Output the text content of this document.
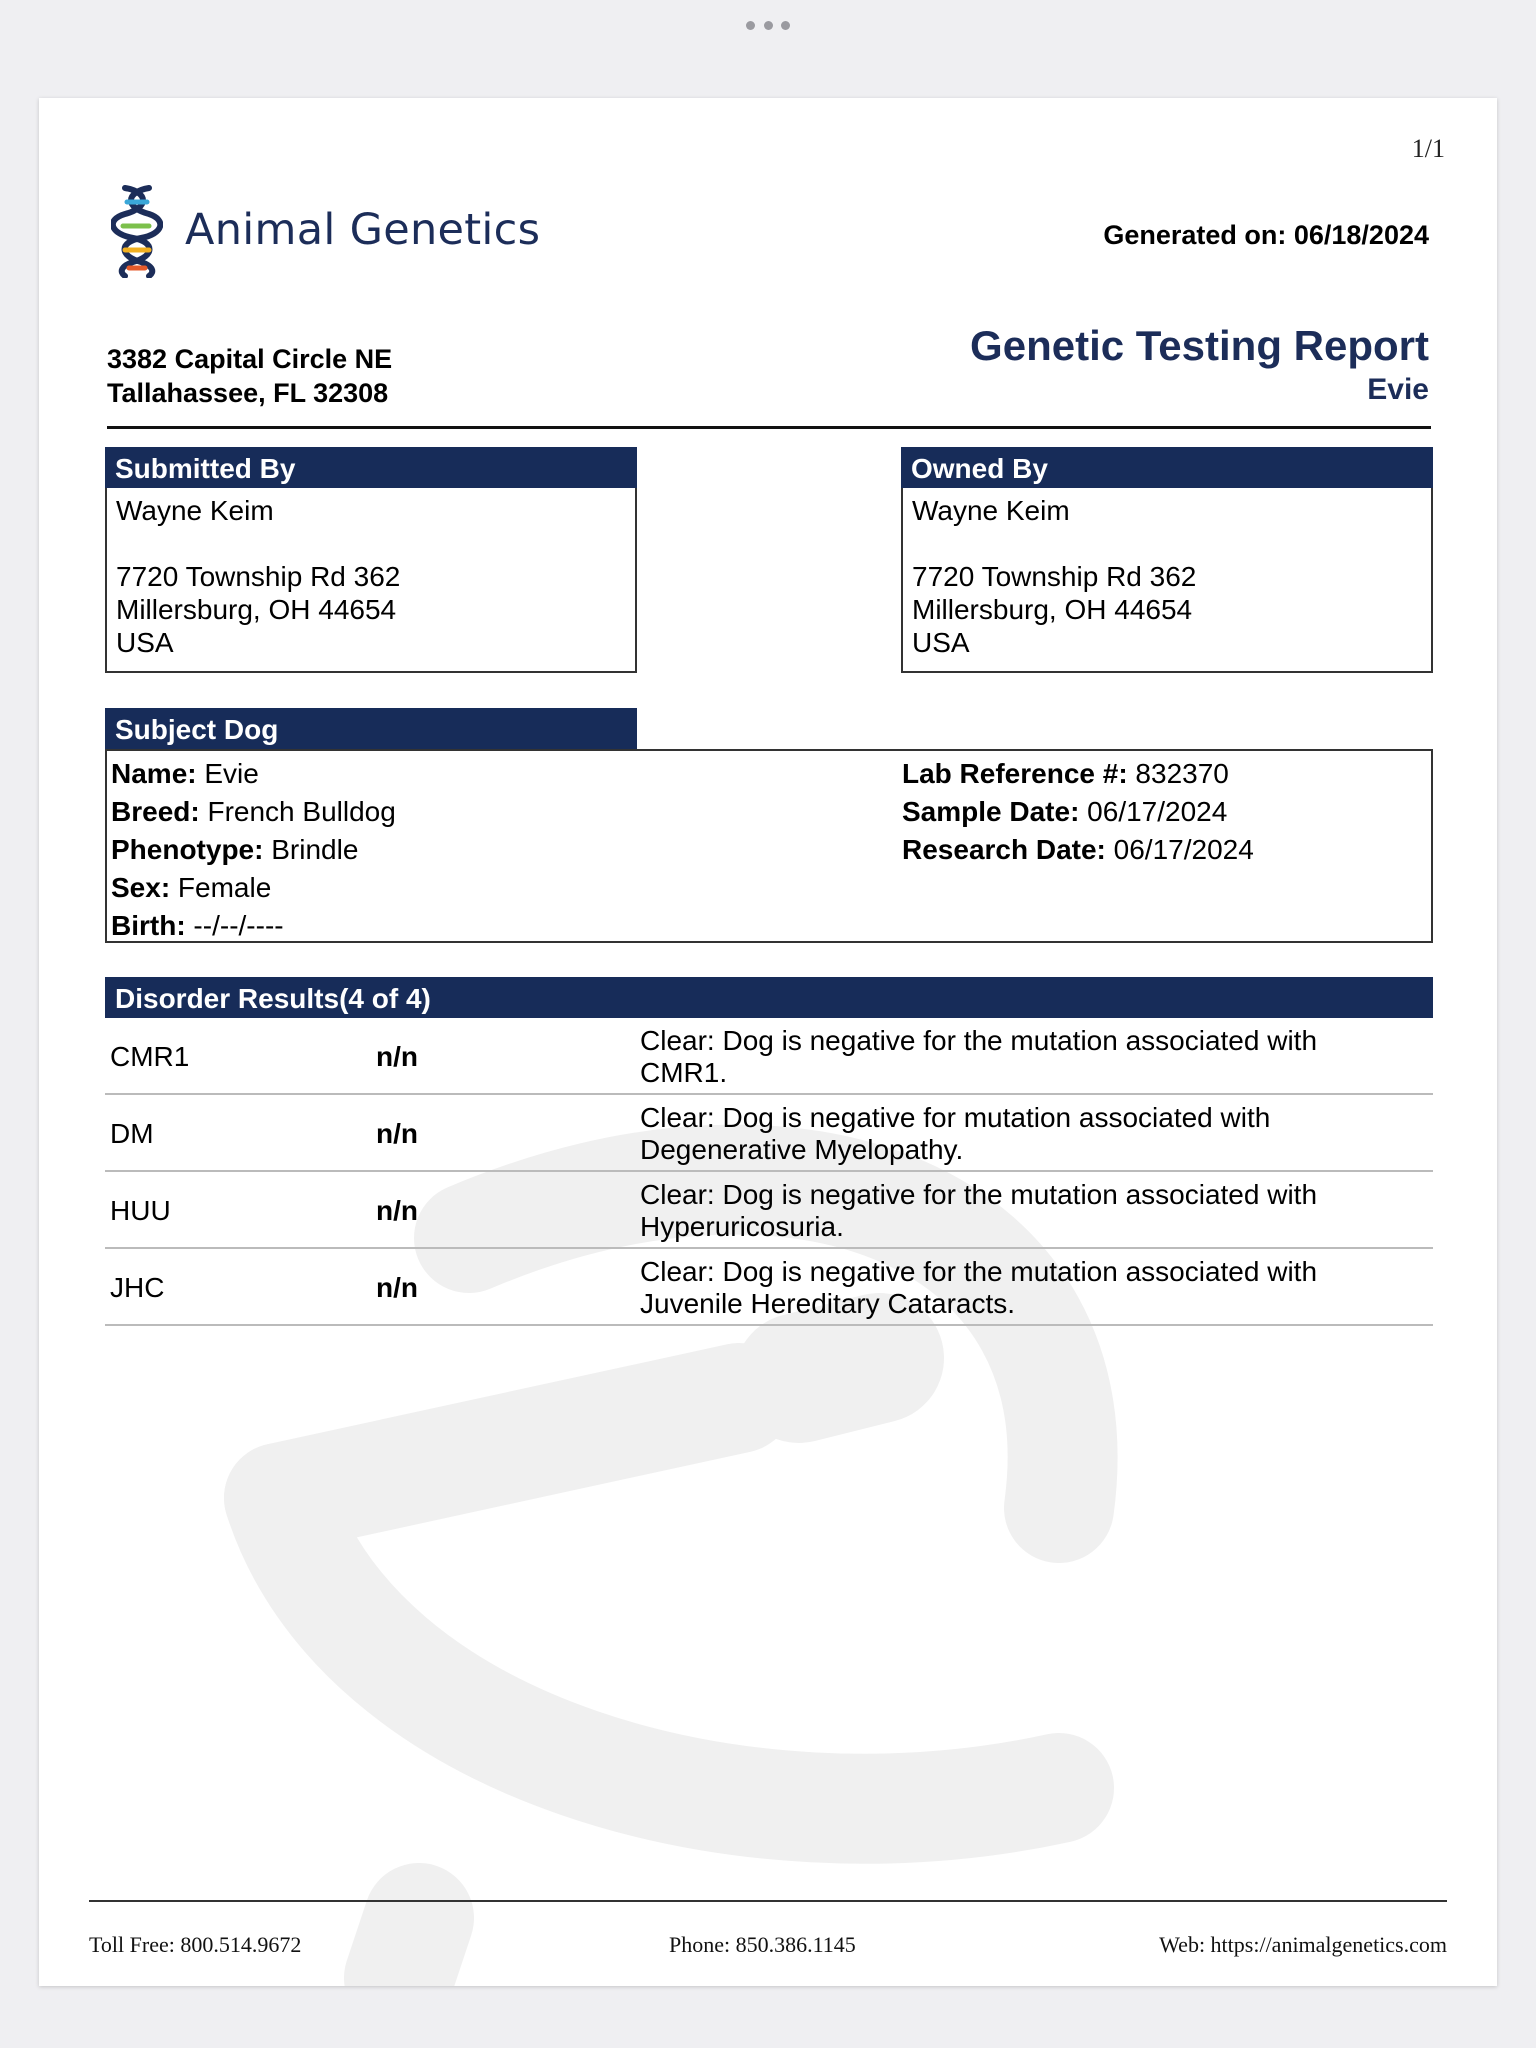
1/1
Animal Genetics	Generated on: 06/18/2024
3382 Capital Circle NE
Tallahassee, FL 32308
Genetic Testing Report
Evie
Submitted By
Wayne Keim
7720 Township Rd 362
Millersburg, OH 44654
USA
Owned By
Wayne Keim
7720 Township Rd 362
Millersburg, OH 44654
USA
Subject Dog
Name: Evie
Breed: French Bulldog
Phenotype: Brindle
Sex: Female
Birth: --/--/----
Lab Reference #: 832370
Sample Date: 06/17/2024
Research Date: 06/17/2024
Disorder Results(4 of 4)
CMR1	n/n
Clear: Dog is negative for the mutation associated with
CMR1.
DM	n/n
Clear: Dog is negative for mutation associated with
Degenerative Myelopathy.
HUU	n/n
Clear: Dog is negative for the mutation associated with
Hyperuricosuria.
JHC	n/n
Clear: Dog is negative for the mutation associated with
Juvenile Hereditary Cataracts.
Toll Free: 800.514.9672	Phone: 850.386.1145	Web: https://animalgenetics.com
